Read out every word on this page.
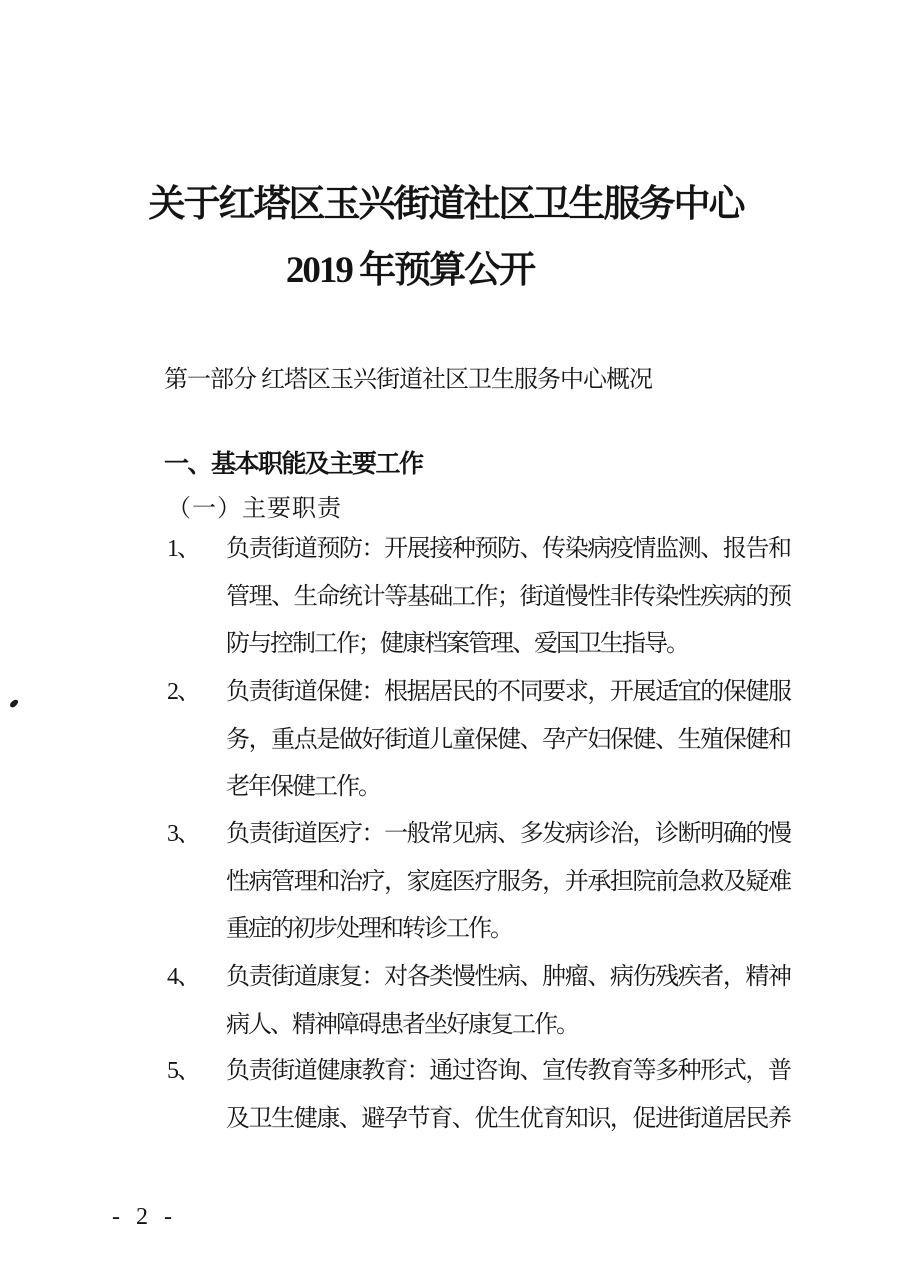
关于红塔区玉兴街道社区卫生服务中心
2019 年预算公开
第一部分 红塔区玉兴街道社区卫生服务中心概况
一、基本职能及主要工作
（一）主要职责
1、 负责街道预防：开展接种预防、传染病疫情监测、报告和
管理、生命统计等基础工作；街道慢性非传染性疾病的预
防与控制工作；健康档案管理、爱国卫生指导。
2、 负责街道保健：根据居民的不同要求，开展适宜的保健服
务，重点是做好街道儿童保健、孕产妇保健、生殖保健和
老年保健工作。
3、 负责街道医疗：一般常见病、多发病诊治，诊断明确的慢
性病管理和治疗，家庭医疗服务，并承担院前急救及疑难
重症的初步处理和转诊工作。
4、 负责街道康复：对各类慢性病、肿瘤、病伤残疾者，精神
病人、精神障碍患者坐好康复工作。
5、 负责街道健康教育：通过咨询、宣传教育等多种形式，普
及卫生健康、避孕节育、优生优育知识，促进街道居民养
- 2 -
